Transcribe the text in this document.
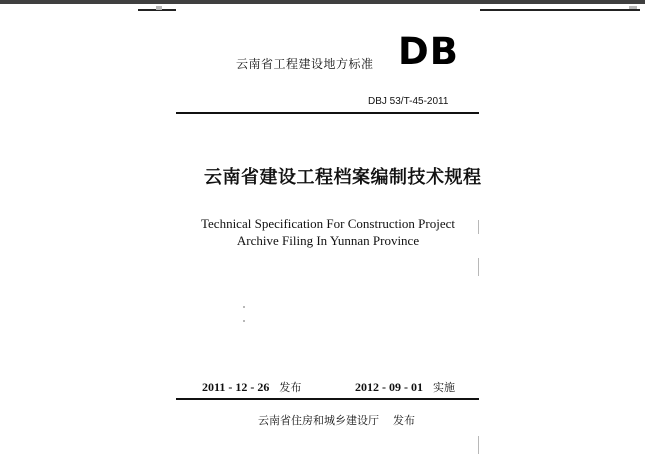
云南省工程建设地方标准 DB
DBJ 53/T-45-2011
云南省建设工程档案编制技术规程
Technical Specification For Construction Project
Archive Filing In Yunnan Province
2011 - 12 - 26 发布	2012 - 09 - 01 实施
云南省住房和城乡建设厅 发布
